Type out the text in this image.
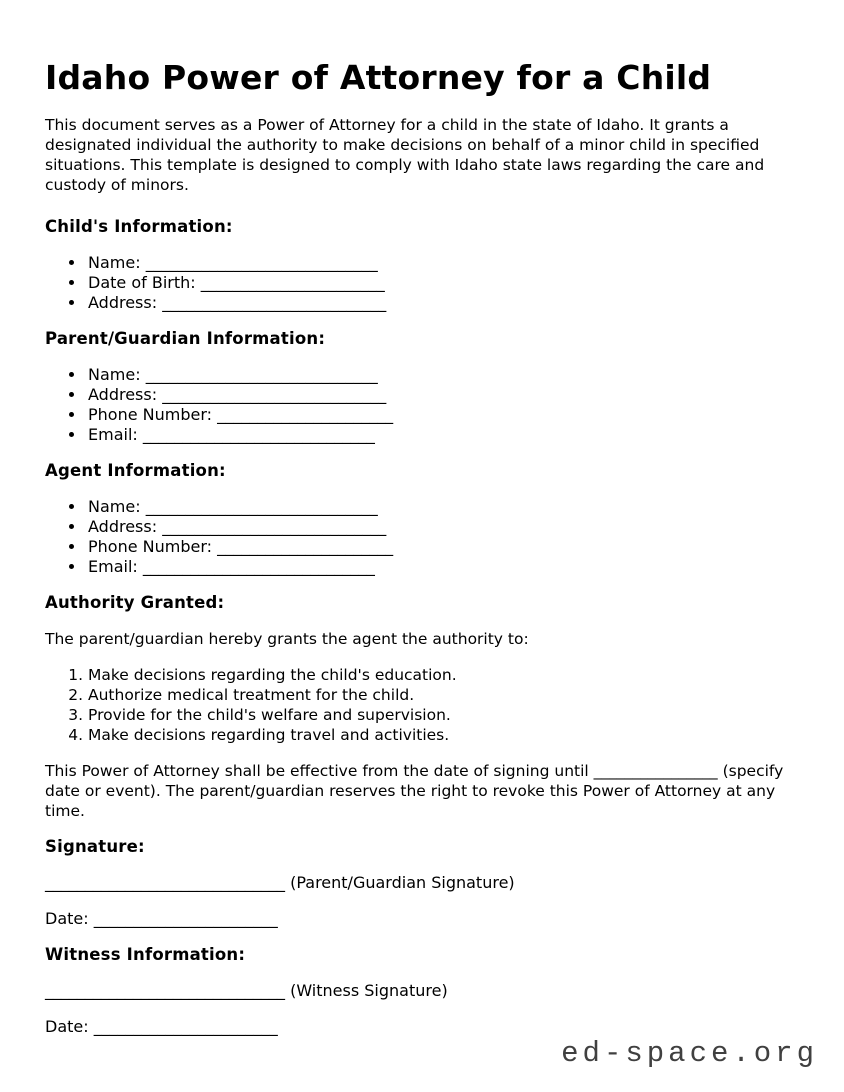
Idaho Power of Attorney for a Child

This document serves as a Power of Attorney for a child in the state of Idaho. It grants a designated individual the authority to make decisions on behalf of a minor child in specified situations. This template is designed to comply with Idaho state laws regarding the care and custody of minors.

Child's Information:
• Name: _____________________________
• Date of Birth: _______________________
• Address: ____________________________
Parent/Guardian Information:
• Name: _____________________________
• Address: ____________________________
• Phone Number: ______________________
• Email: _____________________________
Agent Information:
• Name: _____________________________
• Address: ____________________________
• Phone Number: ______________________
• Email: _____________________________
Authority Granted:

The parent/guardian hereby grants the agent the authority to:

1. Make decisions regarding the child's education.
2. Authorize medical treatment for the child.
3. Provide for the child's welfare and supervision.
4. Make decisions regarding travel and activities.

This Power of Attorney shall be effective from the date of signing until ________________ (specify date or event). The parent/guardian reserves the right to revoke this Power of Attorney at any time.

Signature:

______________________________ (Parent/Guardian Signature)

Date: _______________________

Witness Information:

______________________________ (Witness Signature)

Date: _______________________

ed-space.org
